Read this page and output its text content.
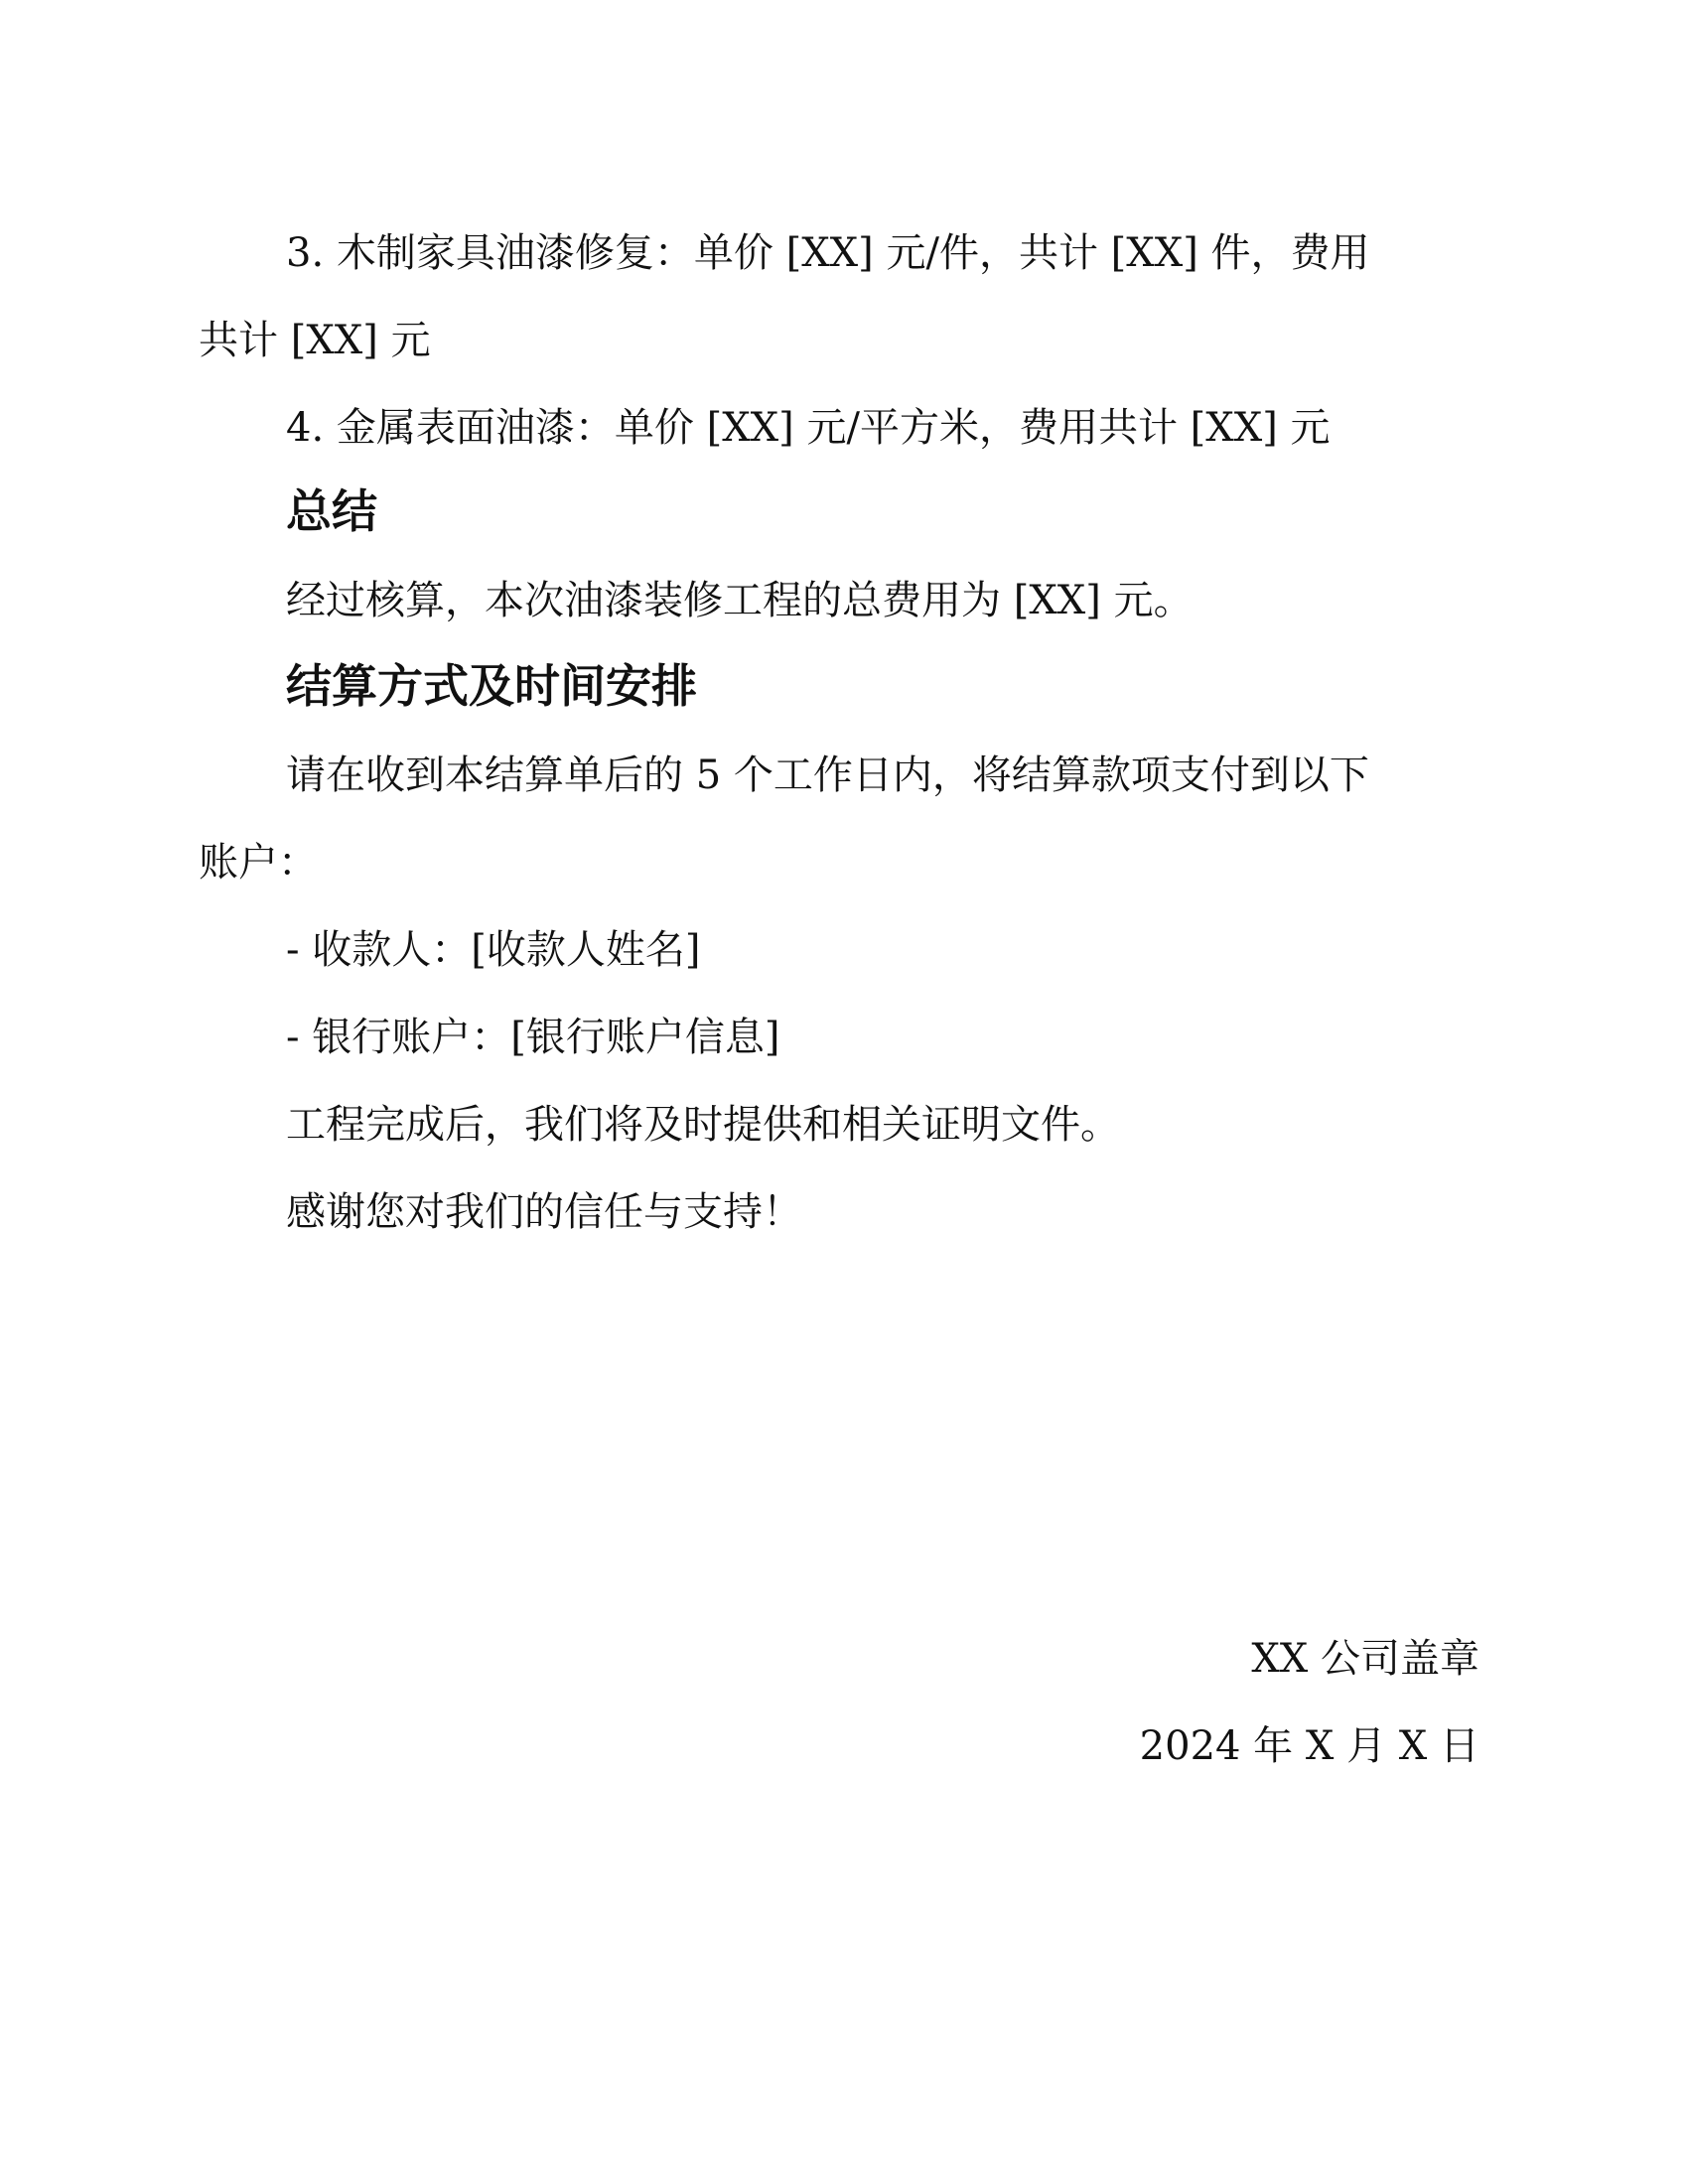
3. 木制家具油漆修复：单价 [XX] 元/件，共计 [XX] 件，费用
共计 [XX] 元
4. 金属表面油漆：单价 [XX] 元/平方米，费用共计 [XX] 元
总结
经过核算，本次油漆装修工程的总费用为 [XX] 元。
结算方式及时间安排
请在收到本结算单后的 5 个工作日内，将结算款项支付到以下
账户：
- 收款人：[收款人姓名]
- 银行账户：[银行账户信息]
工程完成后，我们将及时提供和相关证明文件。
感谢您对我们的信任与支持！
XX 公司盖章
2024 年 X 月 X 日
